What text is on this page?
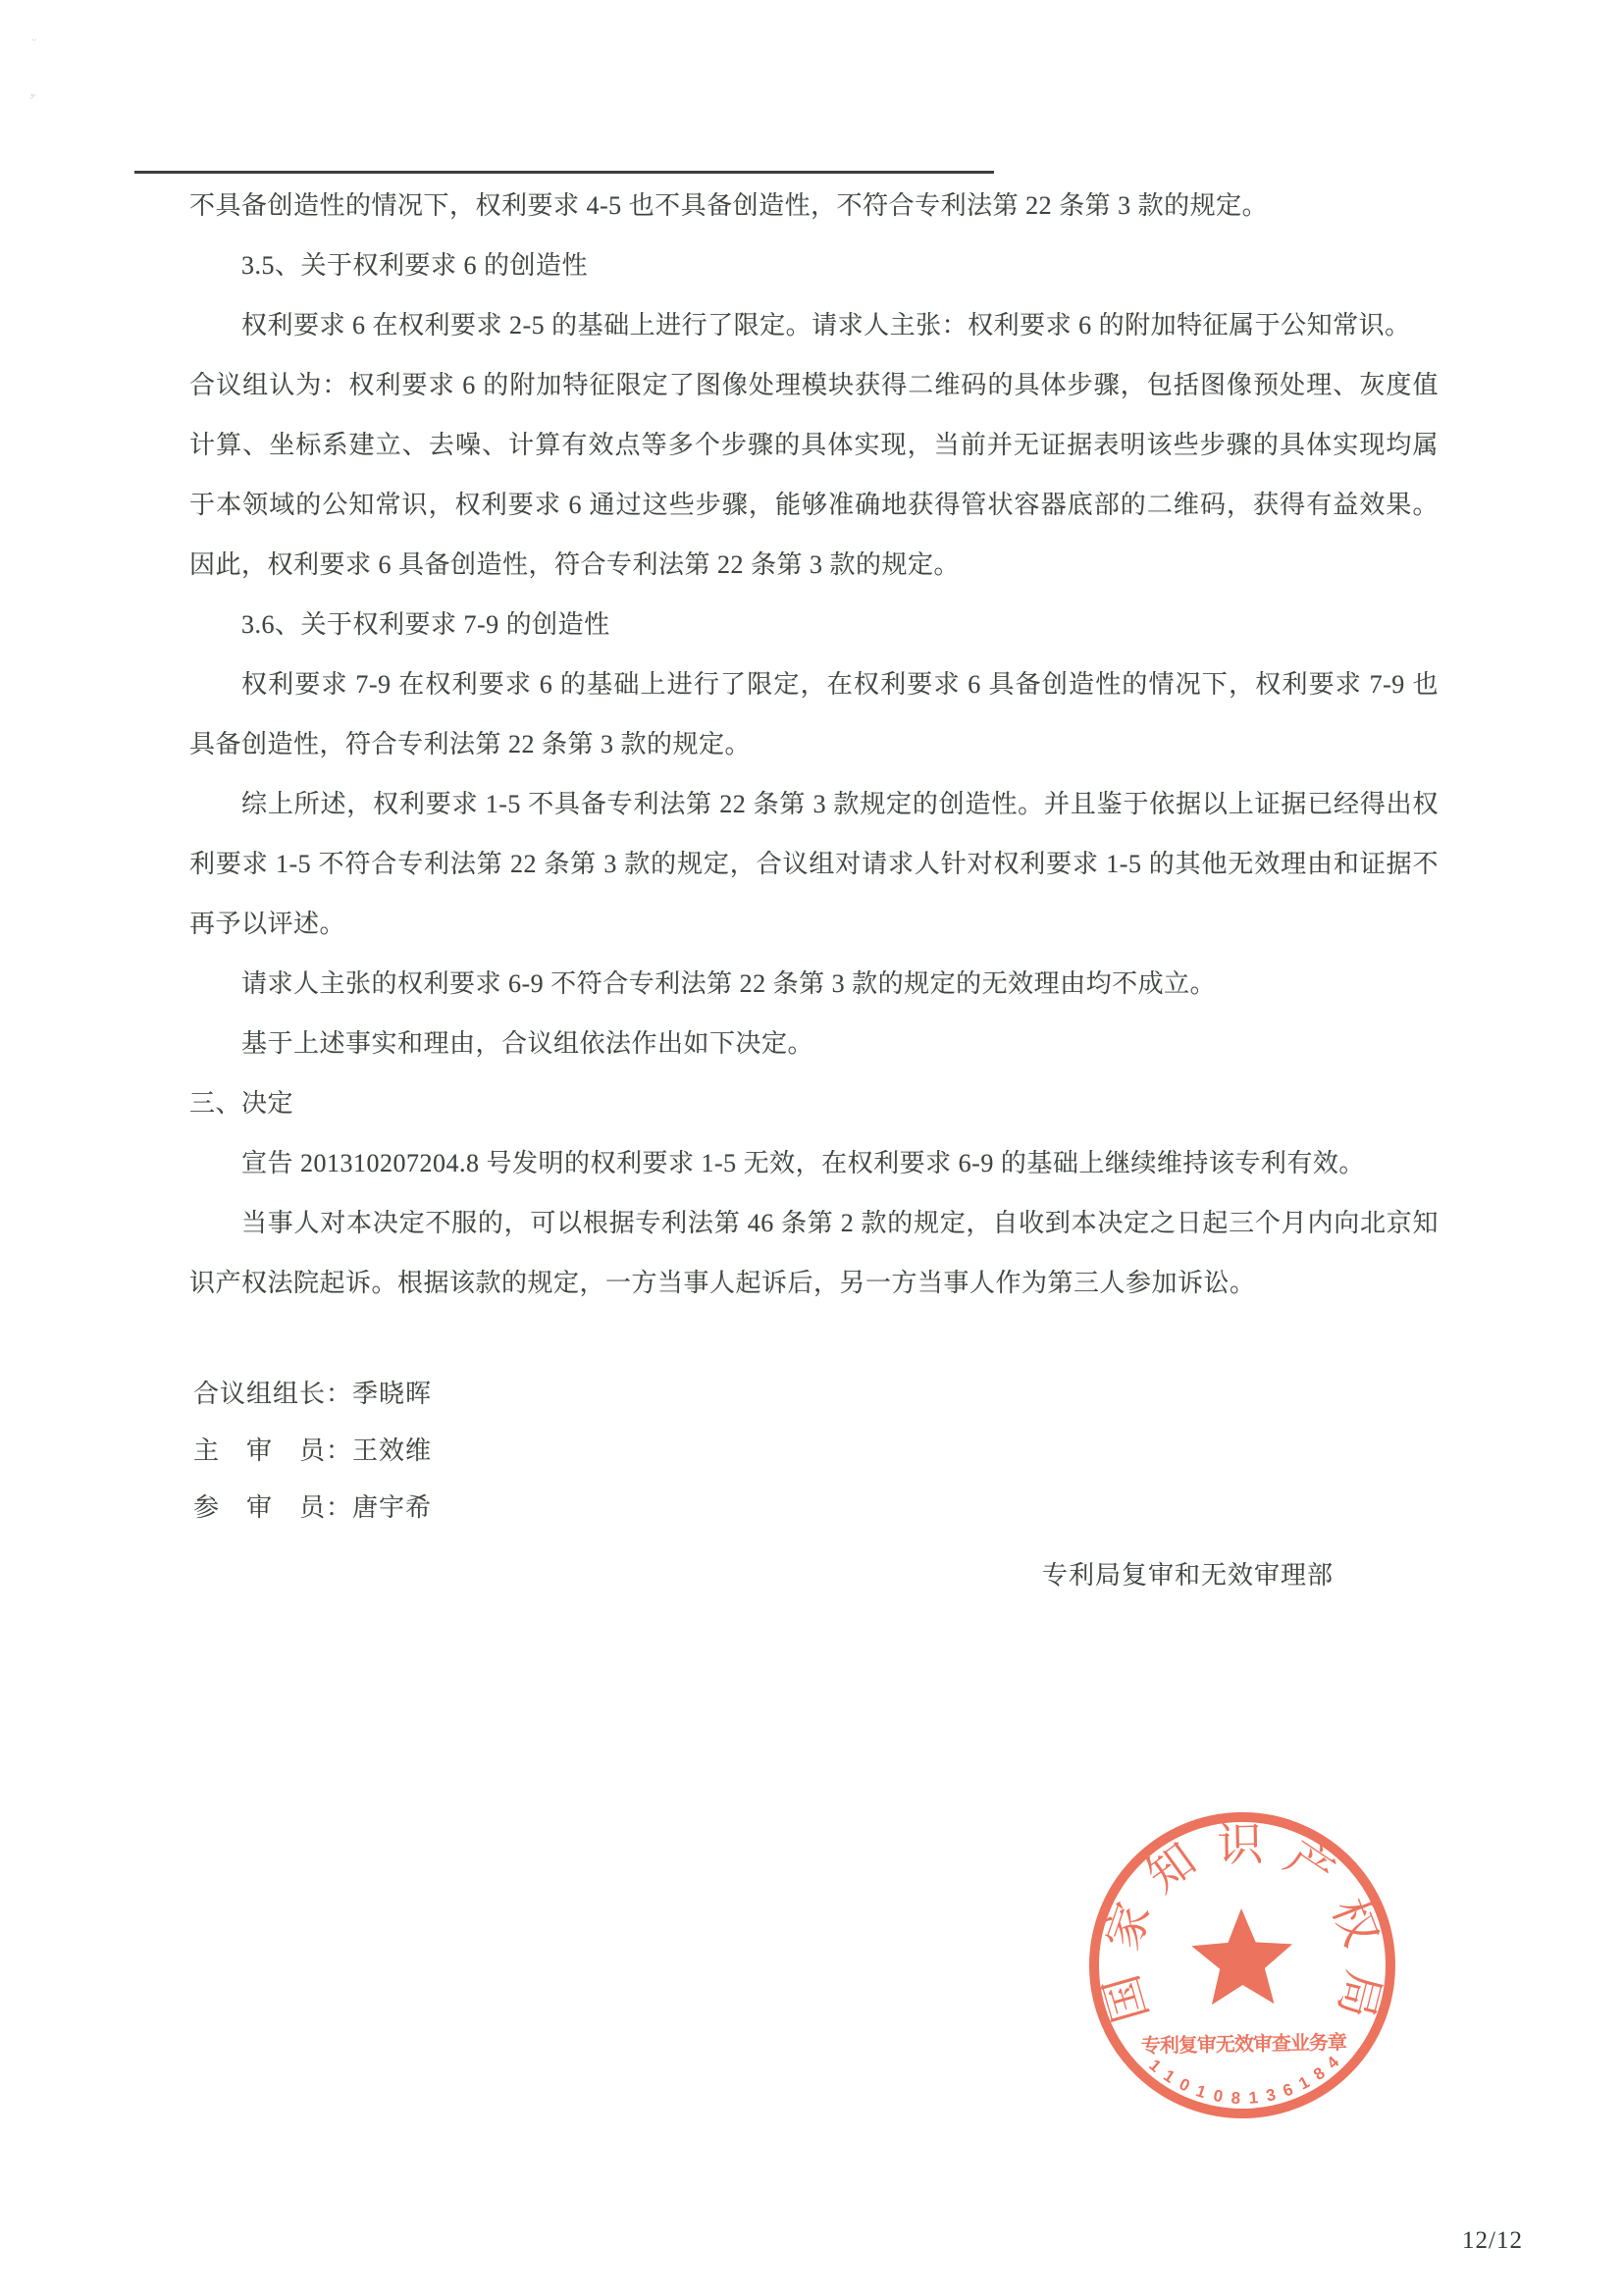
ᵕ
ᵓ̈
不具备创造性的情况下，权利要求 4-5 也不具备创造性，不符合专利法第 22 条第 3 款的规定。
3.5、关于权利要求 6 的创造性
权利要求 6 在权利要求 2-5 的基础上进行了限定。请求人主张：权利要求 6 的附加特征属于公知常识。
合议组认为：权利要求 6 的附加特征限定了图像处理模块获得二维码的具体步骤，包括图像预处理、灰度值
计算、坐标系建立、去噪、计算有效点等多个步骤的具体实现，当前并无证据表明该些步骤的具体实现均属
于本领域的公知常识，权利要求 6 通过这些步骤，能够准确地获得管状容器底部的二维码，获得有益效果。
因此，权利要求 6 具备创造性，符合专利法第 22 条第 3 款的规定。
3.6、关于权利要求 7-9 的创造性
权利要求 7-9 在权利要求 6 的基础上进行了限定，在权利要求 6 具备创造性的情况下，权利要求 7-9 也
具备创造性，符合专利法第 22 条第 3 款的规定。
综上所述，权利要求 1-5 不具备专利法第 22 条第 3 款规定的创造性。并且鉴于依据以上证据已经得出权
利要求 1-5 不符合专利法第 22 条第 3 款的规定，合议组对请求人针对权利要求 1-5 的其他无效理由和证据不
再予以评述。
请求人主张的权利要求 6-9 不符合专利法第 22 条第 3 款的规定的无效理由均不成立。
基于上述事实和理由，合议组依法作出如下决定。
三、决定
宣告 201310207204.8 号发明的权利要求 1-5 无效，在权利要求 6-9 的基础上继续维持该专利有效。
当事人对本决定不服的，可以根据专利法第 46 条第 2 款的规定，自收到本决定之日起三个月内向北京知
识产权法院起诉。根据该款的规定，一方当事人起诉后，另一方当事人作为第三人参加诉讼。
合议组组长：季晓晖
主　审　员：王效维
参　审　员：唐宇希
专利局复审和无效审理部
国
家
知 识 产
权
局
专利复审无效审查业务章
1
1
0 1 0 8 1 3 6 1
8
4
12/12
